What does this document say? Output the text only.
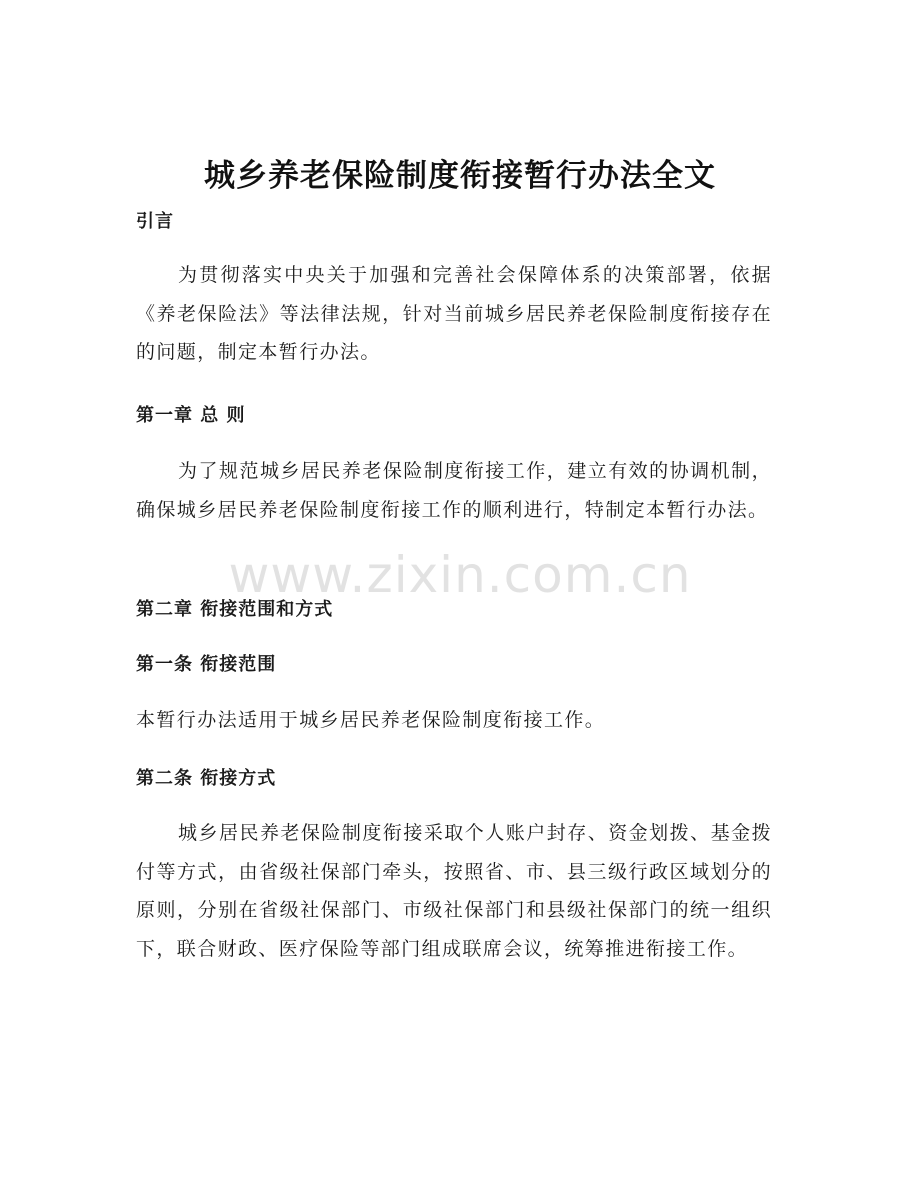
城乡养老保险制度衔接暂行办法全文
引言
为贯彻落实中央关于加强和完善社会保障体系的决策部署，依据《养老保险法》等法律法规，针对当前城乡居民养老保险制度衔接存在的问题，制定本暂行办法。
第一章 总 则
为了规范城乡居民养老保险制度衔接工作，建立有效的协调机制，确保城乡居民养老保险制度衔接工作的顺利进行，特制定本暂行办法。
第二章 衔接范围和方式
第一条 衔接范围
本暂行办法适用于城乡居民养老保险制度衔接工作。
第二条 衔接方式
城乡居民养老保险制度衔接采取个人账户封存、资金划拨、基金拨付等方式，由省级社保部门牵头，按照省、市、县三级行政区域划分的原则，分别在省级社保部门、市级社保部门和县级社保部门的统一组织下，联合财政、医疗保险等部门组成联席会议，统筹推进衔接工作。
www.zixin.com.cn
